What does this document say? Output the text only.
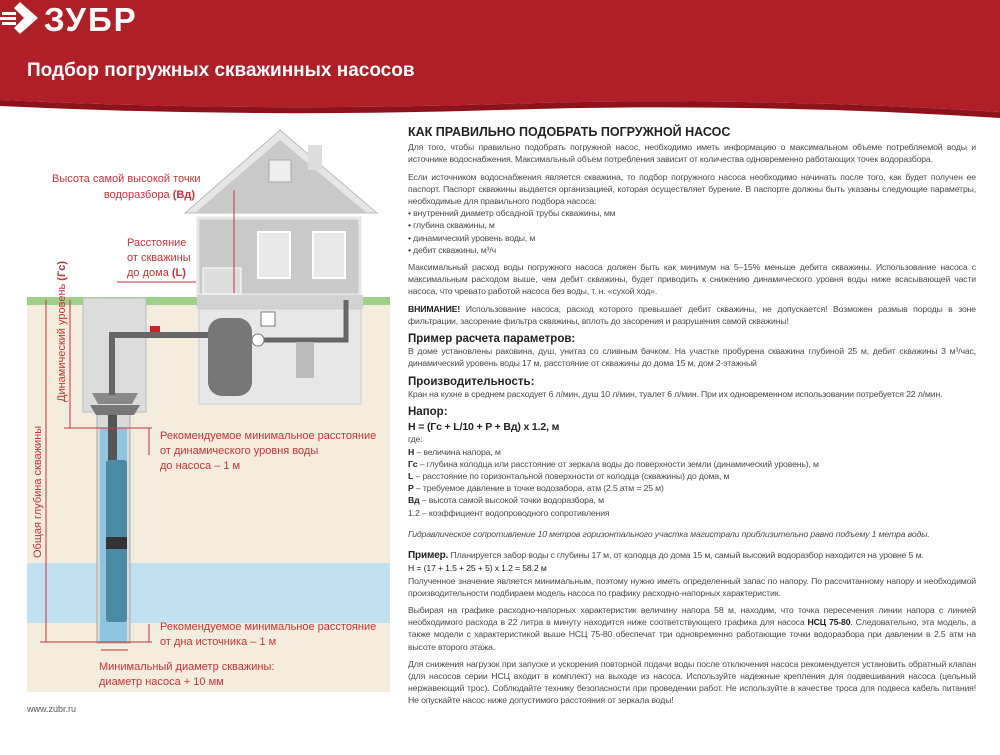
Подбор погружных скважинных насосов
ЗУБР
Высота самой высокой точки
водоразбора (Вд)
Расстояние
от скважины
до дома (L)
Динамический уровень (Гс)
Общая глубина скважины	Рекомендуемое минимальное расстояние
от динамического уровня воды
до насоса – 1 м
Рекомендуемое минимальное расстояние
от дна источника – 1 м
Минимальный диаметр скважины:
диаметр насоса + 10 мм
www.zubr.ru
КАК ПРАВИЛЬНО ПОДОБРАТЬ ПОГРУЖНОЙ НАСОС

Для того, чтобы правильно подобрать погружной насос, необходимо иметь информацию о максимальном объеме потребляемой воды и источнике водоснабжения. Максимальный объем потребления зависит от количества одновременно работающих точек водоразбора.

Если источником водоснабжения является скважина, то подбор погружного насоса необходимо начинать после того, как будет получен ее паспорт. Паспорт скважины выдается организацией, которая осуществляет бурение. В паспорте должны быть указаны следующие параметры, необходимые для правильного подбора насоса:

• внутренний диаметр обсадной трубы скважины, мм
• глубина скважины, м
• динамический уровень воды, м
• дебит скважины, м³/ч

Максимальный расход воды погружного насоса должен быть как минимум на 5–15% меньше дебита скважины. Использование насоса с максимальным расходом выше, чем дебит скважины, будет приводить к снижению динамического уровня воды ниже всасывающей части насоса, что чревато работой насоса без воды, т. н. «сухой ход».

ВНИМАНИЕ! Использование насоса, расход которого превышает дебит скважины, не допускается! Возможен размыв породы в зоне фильтрации, засорение фильтра скважины, вплоть до засорения и разрушения самой скважины!

Пример расчета параметров:

В доме установлены раковина, душ, унитаз со сливным бачком. На участке пробурена скважина глубиной 25 м, дебит скважины 3 м³/час, динамический уровень воды 17 м, расстояние от скважины до дома 15 м, дом 2-этажный

Производительность:

Кран на кухне в среднем расходует 6 л/мин, душ 10 л/мин, туалет 6 л/мин. При их одновременном использовании потребуется 22 л/мин.

Напор:
H = (Гс + L/10 + P + Вд) x 1.2, м
где:
H – величина напора, м
Гс – глубина колодца или расстояние от зеркала воды до поверхности земли (динамический уровень), м
L – расстояние по горизонтальной поверхности от колодца (скважины) до дома, м
P – требуемое давление в точке водозабора, атм (2.5 атм = 25 м)
Вд – высота самой высокой точки водоразбора, м
1.2 – коэффициент водопроводного сопротивления

Гидравлическое сопротивление 10 метров горизонтального участка магистрали приблизительно равно подъему 1 метра воды.

Пример. Планируется забор воды с глубины 17 м, от колодца до дома 15 м, самый высокий водоразбор находится на уровне 5 м.
H = (17 + 1.5 + 25 + 5) x 1.2 = 58.2 м

Полученное значение является минимальным, поэтому нужно иметь определенный запас по напору. По рассчитанному напору и необходимой производительности подбираем модель насоса по графику расходно-напорных характеристик.

Выбирая на графике расходно-напорных характеристик величину напора 58 м, находим, что точка пересечения линии напора с линией необходимого расхода в 22 литра в минуту находится ниже соответствующего графика для насоса НСЦ 75-80. Следовательно, эта модель, а также модели с характеристикой выше НСЦ 75-80 обеспечат три одновременно работающие точки водоразбора при давлении в 2.5 атм на высоте второго этажа.

Для снижения нагрузок при запуске и ускорения повторной подачи воды после отключения насоса рекомендуется установить обратный клапан (для насосов серии НСЦ входит в комплект) на выходе из насоса. Используйте надежные крепления для подвешивания насоса (цельный нержавеющий трос). Соблюдайте технику безопасности при проведении работ. Не используйте в качестве троса для подвеса кабель питания! Не опускайте насос ниже допустимого расстояния от зеркала воды!
